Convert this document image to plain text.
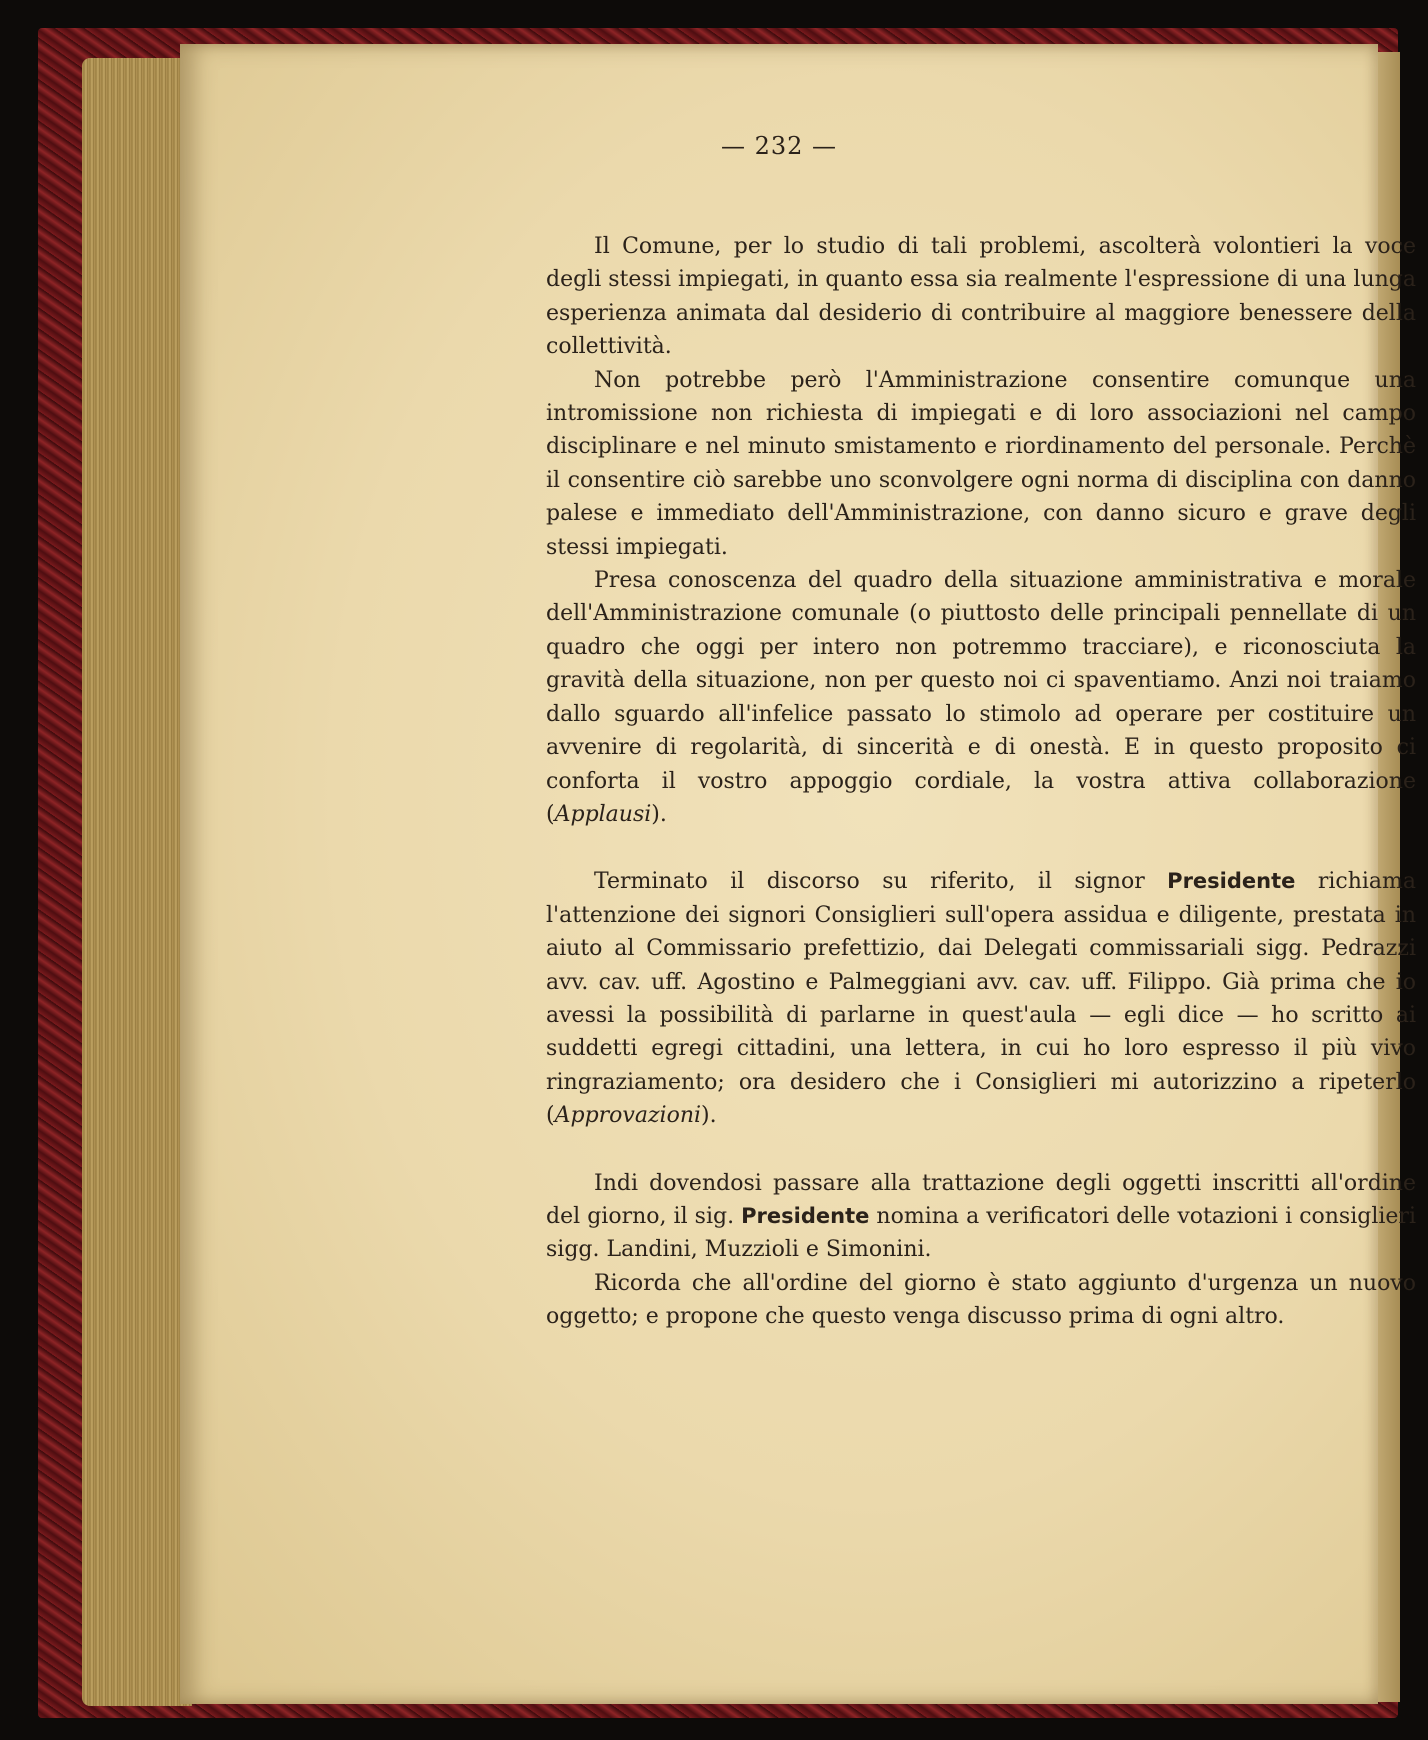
— 232 —

Il Comune, per lo studio di tali problemi, ascolterà volontieri la voce degli stessi impiegati, in quanto essa sia realmente l'espressione di una lunga esperienza animata dal desiderio di contribuire al maggiore benessere della collettività.

Non potrebbe però l'Amministrazione consentire comunque una intromissione non richiesta di impiegati e di loro associazioni nel campo disciplinare e nel minuto smistamento e riordinamento del personale. Perchè il consentire ciò sarebbe uno sconvolgere ogni norma di disciplina con danno palese e immediato dell'Amministrazione, con danno sicuro e grave degli stessi impiegati.

Presa conoscenza del quadro della situazione amministrativa e morale dell'Amministrazione comunale (o piuttosto delle principali pennellate di un quadro che oggi per intero non potremmo tracciare), e riconosciuta la gravità della situazione, non per questo noi ci spaventiamo. Anzi noi traiamo dallo sguardo all'infelice passato lo stimolo ad operare per costituire un avvenire di regolarità, di sincerità e di onestà. E in questo proposito ci conforta il vostro appoggio cordiale, la vostra attiva collaborazione (Applausi).

Terminato il discorso su riferito, il signor Presidente richiama l'attenzione dei signori Consiglieri sull'opera assidua e diligente, prestata in aiuto al Commissario prefettizio, dai Delegati commissariali sigg. Pedrazzi avv. cav. uff. Agostino e Palmeggiani avv. cav. uff. Filippo. Già prima che io avessi la possibilità di parlarne in quest'aula — egli dice — ho scritto ai suddetti egregi cittadini, una lettera, in cui ho loro espresso il più vivo ringraziamento; ora desidero che i Consiglieri mi autorizzino a ripeterlo (Approvazioni).

Indi dovendosi passare alla trattazione degli oggetti inscritti all'ordine del giorno, il sig. Presidente nomina a verificatori delle votazioni i consiglieri sigg. Landini, Muzzioli e Simonini.

Ricorda che all'ordine del giorno è stato aggiunto d'urgenza un nuovo oggetto; e propone che questo venga discusso prima di ogni altro.
